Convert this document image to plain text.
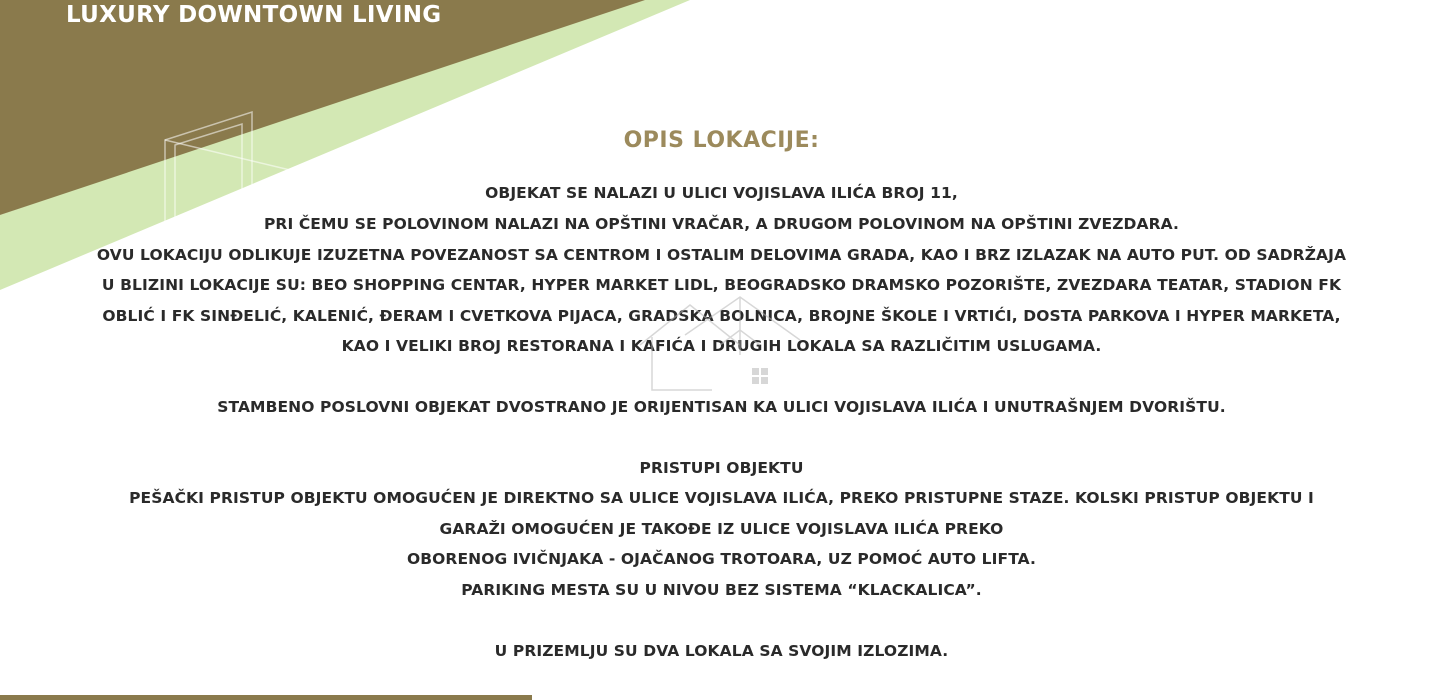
LUXURY DOWNTOWN LIVING
OPIS LOKACIJE:
OBJEKAT SE NALAZI U ULICI VOJISLAVA ILIĆA BROJ 11,
PRI ČEMU SE POLOVINOM NALAZI NA OPŠTINI VRAČAR, A DRUGOM POLOVINOM NA OPŠTINI ZVEZDARA.
OVU LOKACIJU ODLIKUJE IZUZETNA POVEZANOST SA CENTROM I OSTALIM DELOVIMA GRADA, KAO I BRZ IZLAZAK NA AUTO PUT. OD SADRŽAJA
U BLIZINI LOKACIJE SU: BEO SHOPPING CENTAR, HYPER MARKET LIDL, BEOGRADSKO DRAMSKO POZORIŠTE, ZVEZDARA TEATAR, STADION FK
OBLIĆ I FK SINĐELIĆ, KALENIĆ, ĐERAM I CVETKOVA PIJACA, GRADSKA BOLNICA, BROJNE ŠKOLE I VRTIĆI, DOSTA PARKOVA I HYPER MARKETA,
KAO I VELIKI BROJ RESTORANA I KAFIĆA I DRUGIH LOKALA SA RAZLIČITIM USLUGAMA.
STAMBENO POSLOVNI OBJEKAT DVOSTRANO JE ORIJENTISAN KA ULICI VOJISLAVA ILIĆA I UNUTRAŠNJEM DVORIŠTU.
PRISTUPI OBJEKTU
PEŠAČKI PRISTUP OBJEKTU OMOGUĆEN JE DIREKTNO SA ULICE VOJISLAVA ILIĆA, PREKO PRISTUPNE STAZE. KOLSKI PRISTUP OBJEKTU I
GARAŽI OMOGUĆEN JE TAKOĐE IZ ULICE VOJISLAVA ILIĆA PREKO
OBORENOG IVIČNJAKA - OJAČANOG TROTOARA, UZ POMOĆ AUTO LIFTA.
PARIKING MESTA SU U NIVOU BEZ SISTEMA “KLACKALICA”.
U PRIZEMLJU SU DVA LOKALA SA SVOJIM IZLOZIMA.
